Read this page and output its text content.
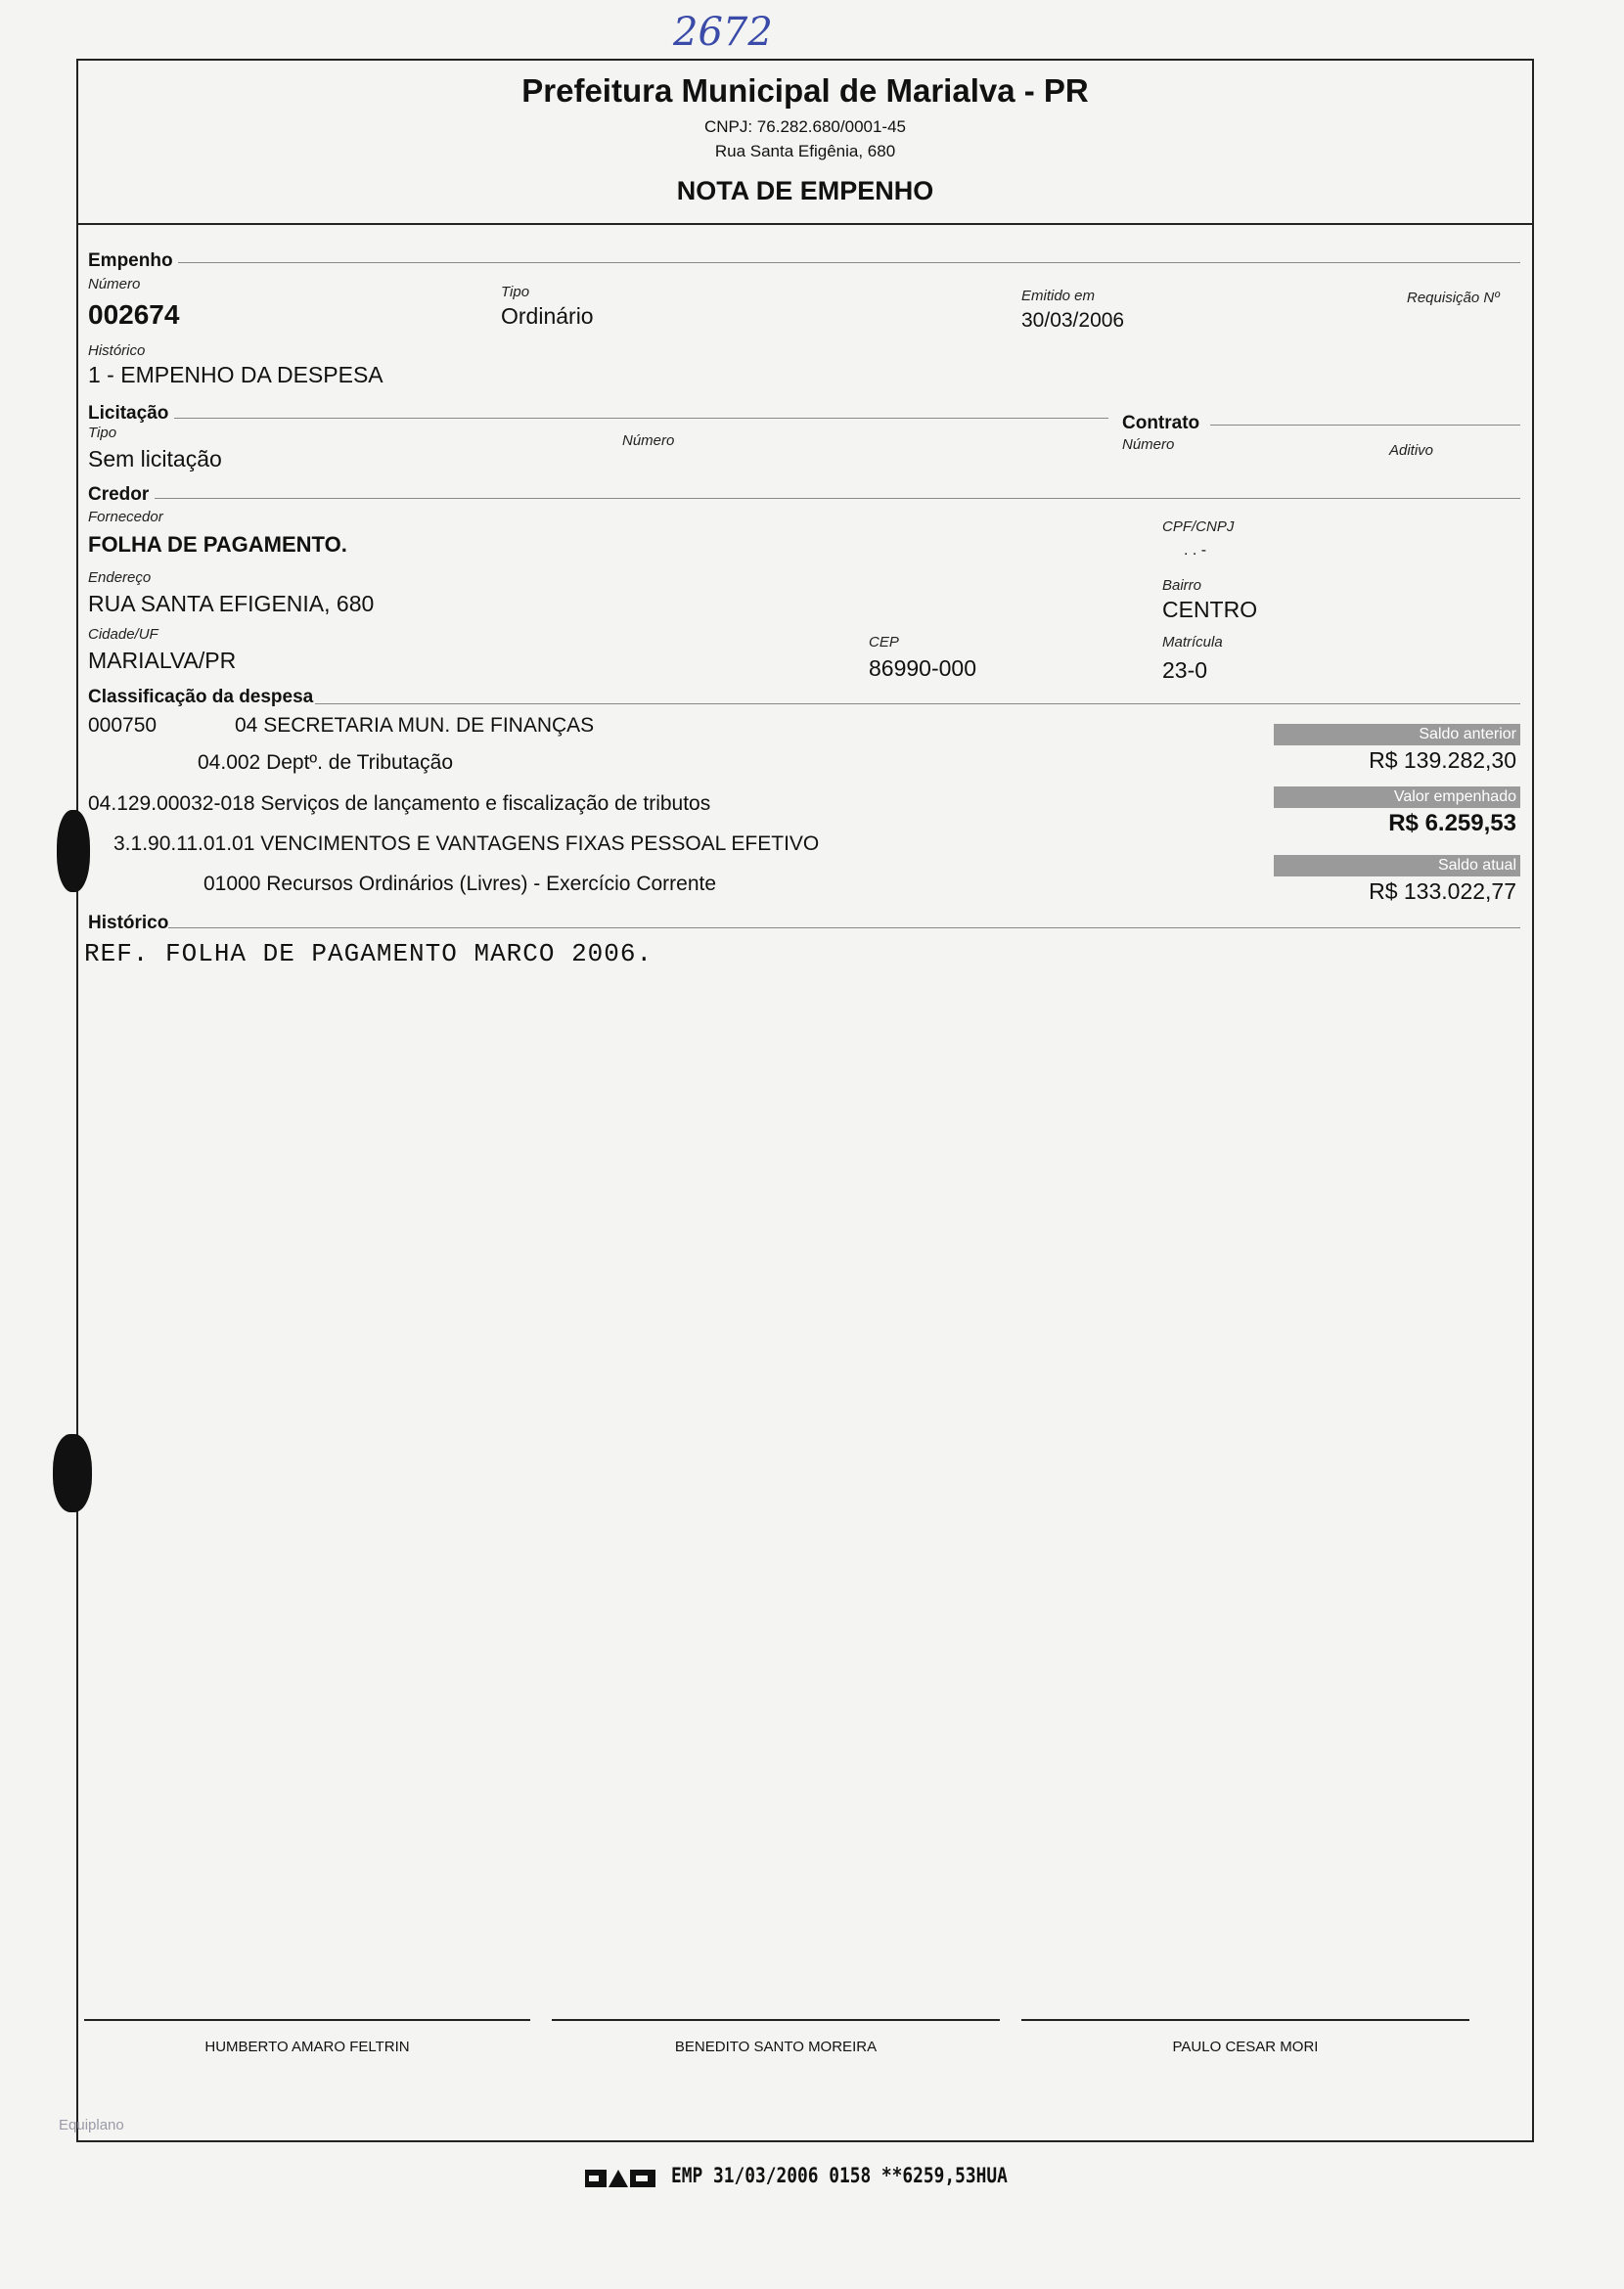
2672
Prefeitura Municipal de Marialva - PR
CNPJ: 76.282.680/0001-45
Rua Santa Efigênia, 680
NOTA DE EMPENHO
Empenho
Número
002674
Tipo
Ordinário
Emitido em
30/03/2006
Requisição Nº
Histórico
1 - EMPENHO DA DESPESA
Licitação	Contrato
Tipo
Sem licitação
Número	Número	Aditivo
Credor
Fornecedor
FOLHA DE PAGAMENTO.
CPF/CNPJ
. . -
Endereço
RUA SANTA EFIGENIA, 680
Bairro
CENTRO
Cidade/UF
MARIALVA/PR
CEP
86990-000
Matrícula
23-0
Classificação da despesa
000750	04 SECRETARIA MUN. DE FINANÇAS
04.002 Deptº. de Tributação
04.129.00032-018 Serviços de lançamento e fiscalização de tributos
3.1.90.11.01.01 VENCIMENTOS E VANTAGENS FIXAS PESSOAL EFETIVO
01000 Recursos Ordinários (Livres) - Exercício Corrente
Saldo anterior
R$ 139.282,30
Valor empenhado
R$ 6.259,53
Saldo atual
R$ 133.022,77
Histórico
REF. FOLHA DE PAGAMENTO MARCO 2006.
HUMBERTO AMARO FELTRIN	BENEDITO SANTO MOREIRA	PAULO CESAR MORI
Equiplano
EMP 31/03/2006 0158 **6259,53HUA
